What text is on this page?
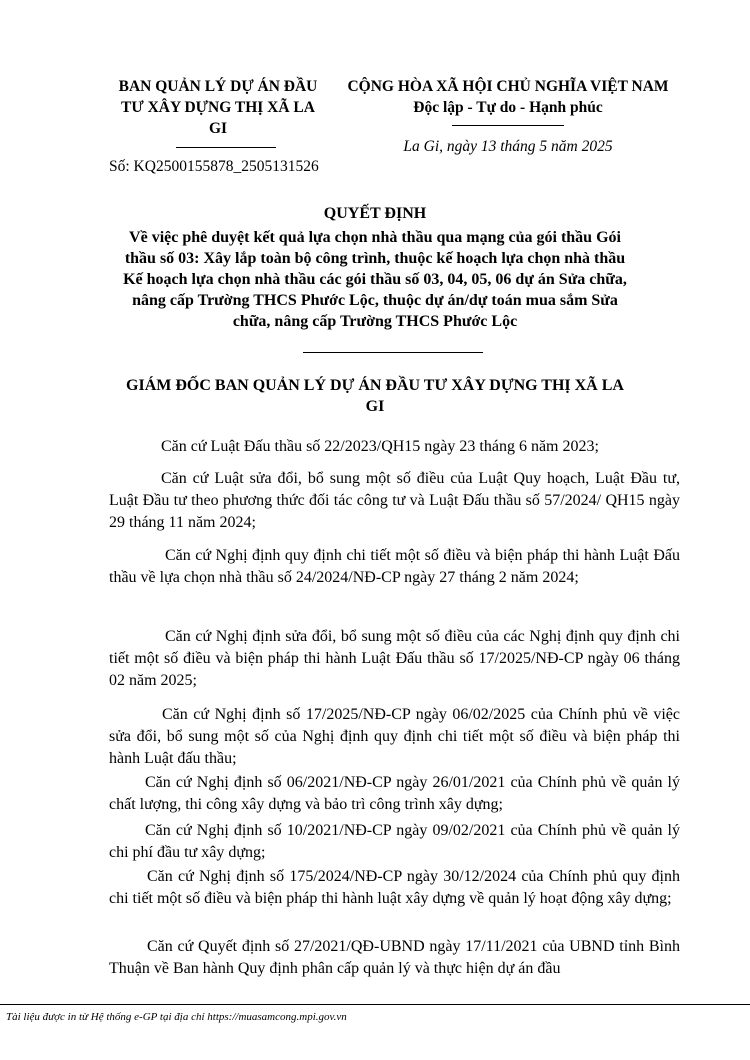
BAN QUẢN LÝ DỰ ÁN ĐẦU
TƯ XÂY DỰNG THỊ XÃ LA
GI
Số: KQ2500155878_2505131526
CỘNG HÒA XÃ HỘI CHỦ NGHĨA VIỆT NAM
Độc lập - Tự do - Hạnh phúc
La Gi, ngày 13 tháng 5 năm 2025
QUYẾT ĐỊNH
Về việc phê duyệt kết quả lựa chọn nhà thầu qua mạng của gói thầu Gói
thầu số 03: Xây lắp toàn bộ công trình, thuộc kế hoạch lựa chọn nhà thầu
Kế hoạch lựa chọn nhà thầu các gói thầu số 03, 04, 05, 06 dự án Sửa chữa,
nâng cấp Trường THCS Phước Lộc, thuộc dự án/dự toán mua sắm Sửa
chữa, nâng cấp Trường THCS Phước Lộc
GIÁM ĐỐC BAN QUẢN LÝ DỰ ÁN ĐẦU TƯ XÂY DỰNG THỊ XÃ LA
GI
Căn cứ Luật Đấu thầu số 22/2023/QH15 ngày 23 tháng 6 năm 2023;
Căn cứ Luật sửa đổi, bổ sung một số điều của Luật Quy hoạch, Luật Đầu tư, Luật Đầu tư theo phương thức đối tác công tư và Luật Đấu thầu số 57/2024/ QH15 ngày 29 tháng 11 năm 2024;
Căn cứ Nghị định quy định chi tiết một số điều và biện pháp thi hành Luật Đấu thầu về lựa chọn nhà thầu số 24/2024/NĐ-CP ngày 27 tháng 2 năm 2024;
Căn cứ Nghị định sửa đổi, bổ sung một số điều của các Nghị định quy định chi tiết một số điều và biện pháp thi hành Luật Đấu thầu số 17/2025/NĐ-CP ngày 06 tháng 02 năm 2025;
Căn cứ Nghị định số 17/2025/NĐ-CP ngày 06/02/2025 của Chính phủ về việc sửa đổi, bổ sung một số của Nghị định quy định chi tiết một số điều và biện pháp thi hành Luật đấu thầu;
Căn cứ Nghị định số 06/2021/NĐ-CP ngày 26/01/2021 của Chính phủ về quản lý chất lượng, thi công xây dựng và bảo trì công trình xây dựng;
Căn cứ Nghị định số 10/2021/NĐ-CP ngày 09/02/2021 của Chính phủ về quản lý chi phí đầu tư xây dựng;
Căn cứ Nghị định số 175/2024/NĐ-CP ngày 30/12/2024 của Chính phủ quy định chi tiết một số điều và biện pháp thi hành luật xây dựng về quản lý hoạt động xây dựng;
Căn cứ Quyết định số 27/2021/QĐ-UBND ngày 17/11/2021 của UBND tỉnh Bình Thuận về Ban hành Quy định phân cấp quản lý và thực hiện dự án đầu
Tài liệu được in từ Hệ thống e-GP tại địa chỉ https://muasamcong.mpi.gov.vn
